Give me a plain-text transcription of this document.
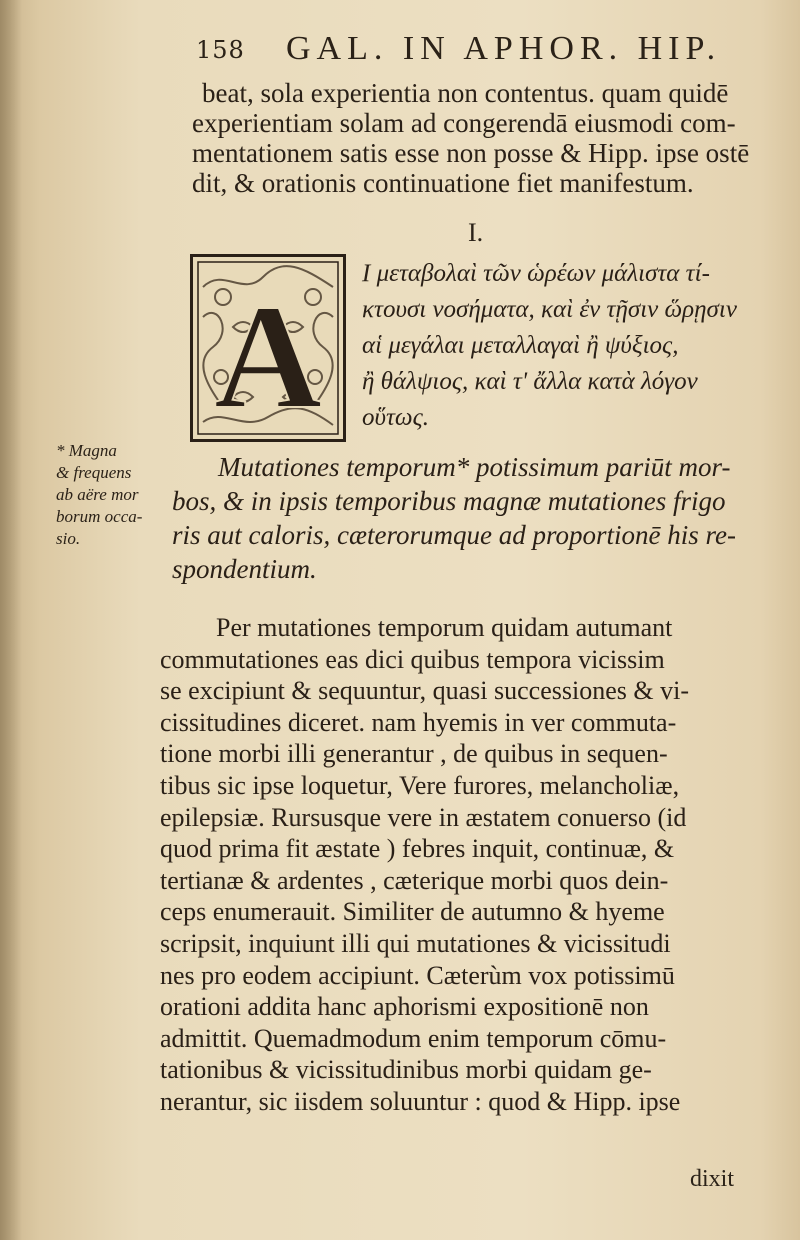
158 GAL. IN APHOR. HIP.
beat, sola experientia non contentus. quam quidē
experientiam solam ad congerendā eiusmodi com-
mentationem satis esse non posse & Hipp. ipse ostē
dit, & orationis continuatione fiet manifestum.
I.
A
Ι μεταβολαὶ τῶν ὡρέων μάλιστα τί-
κτουσι νοσήματα, καὶ ἐν τῇσιν ὥρῃσιν
αἱ μεγάλαι μεταλλαγαὶ ἢ ψύξιος,
ἢ θάλψιος, καὶ τ' ἄλλα κατὰ λόγον
οὕτως.
* Magna
& frequens
ab aëre mor
borum occa-
sio.
Mutationes temporum* potissimum pariūt mor-
bos, & in ipsis temporibus magnæ mutationes frigo
ris aut caloris, cæterorumque ad proportionē his re-
spondentium.
Per mutationes temporum quidam autumant
commutationes eas dici quibus tempora vicissim
se excipiunt & sequuntur, quasi successiones & vi-
cissitudines diceret. nam hyemis in ver commuta-
tione morbi illi generantur , de quibus in sequen-
tibus sic ipse loquetur, Vere furores, melancholiæ,
epilepsiæ. Rursusque vere in æstatem conuerso (id
quod prima fit æstate ) febres inquit, continuæ, &
tertianæ & ardentes , cæterique morbi quos dein-
ceps enumerauit. Similiter de autumno & hyeme
scripsit, inquiunt illi qui mutationes & vicissitudi
nes pro eodem accipiunt. Cæterùm vox potissimū
orationi addita hanc aphorismi expositionē non
admittit. Quemadmodum enim temporum cōmu-
tationibus & vicissitudinibus morbi quidam ge-
nerantur, sic iisdem soluuntur : quod & Hipp. ipse
dixit
